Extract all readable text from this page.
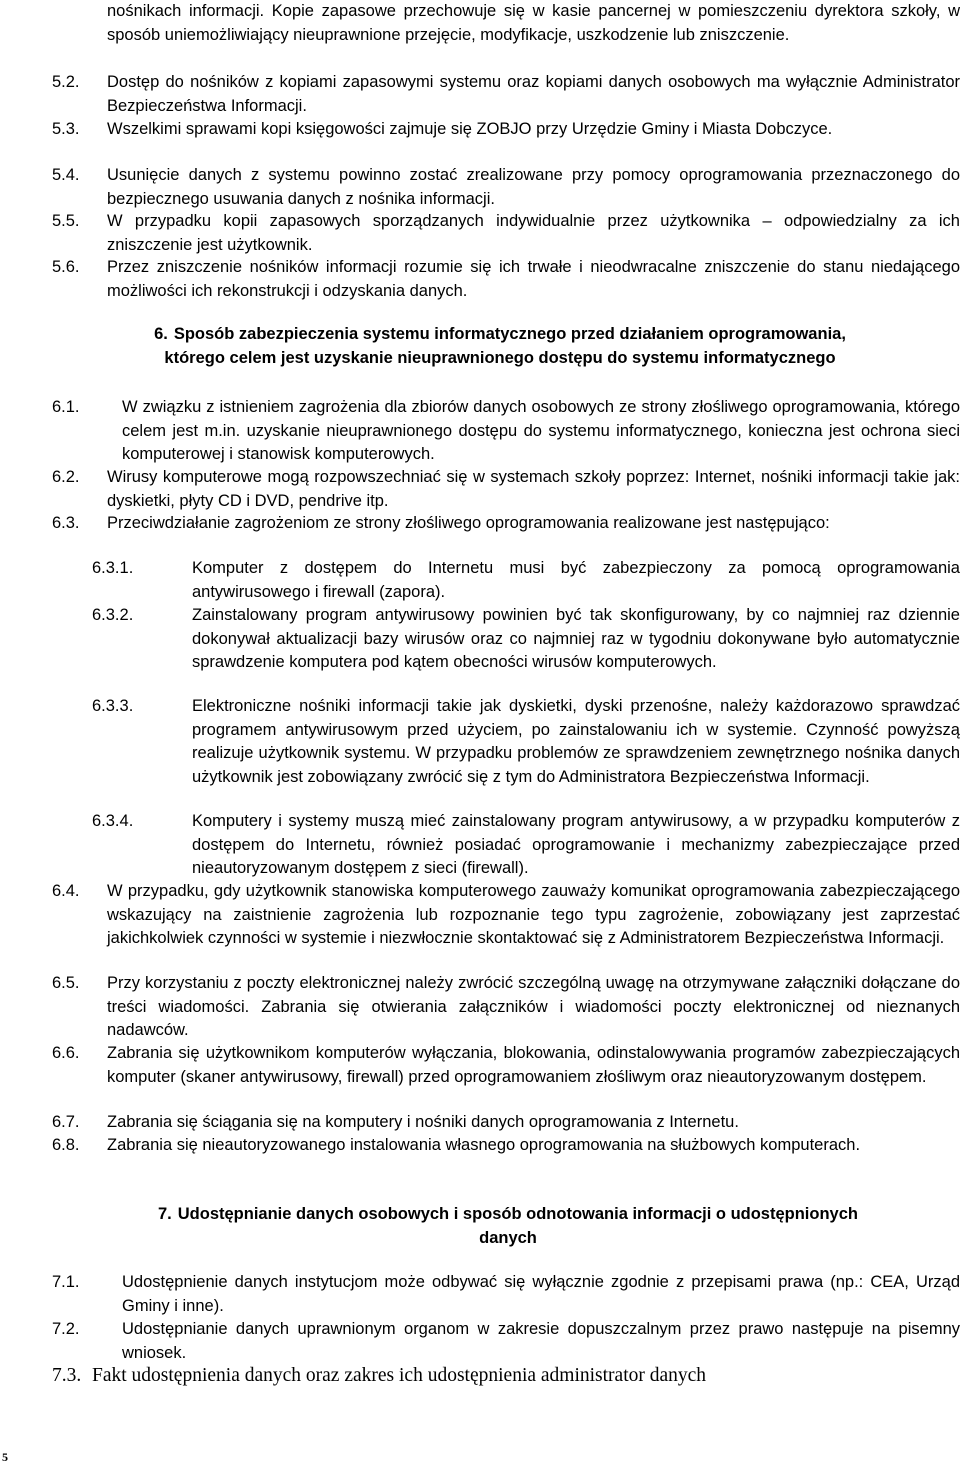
nośnikach informacji. Kopie zapasowe przechowuje się w kasie pancernej w pomieszczeniu dyrektora szkoły, w sposób uniemożliwiający nieuprawnione przejęcie, modyfikacje, uszkodzenie lub zniszczenie.
5.2. Dostęp do nośników z kopiami zapasowymi systemu oraz kopiami danych osobowych ma wyłącznie Administrator Bezpieczeństwa Informacji.
5.3. Wszelkimi sprawami kopi księgowości zajmuje się ZOBJO przy Urzędzie Gminy i Miasta Dobczyce.
5.4. Usunięcie danych z systemu powinno zostać zrealizowane przy pomocy oprogramowania przeznaczonego do bezpiecznego usuwania danych z nośnika informacji.
5.5. W przypadku kopii zapasowych sporządzanych indywidualnie przez użytkownika – odpowiedzialny za ich zniszczenie jest użytkownik.
5.6. Przez zniszczenie nośników informacji rozumie się ich trwałe i nieodwracalne zniszczenie do stanu niedającego możliwości ich rekonstrukcji i odzyskania danych.
6. Sposób zabezpieczenia systemu informatycznego przed działaniem oprogramowania,
którego celem jest uzyskanie nieuprawnionego dostępu do systemu informatycznego
6.1.	W związku z istnieniem zagrożenia dla zbiorów danych osobowych ze strony złośliwego oprogramowania, którego celem jest m.in. uzyskanie nieuprawnionego dostępu do systemu informatycznego, konieczna jest ochrona sieci komputerowej i stanowisk komputerowych.
6.2. Wirusy komputerowe mogą rozpowszechniać się w systemach szkoły poprzez: Internet, nośniki informacji takie jak: dyskietki, płyty CD i DVD, pendrive itp.
6.3. Przeciwdziałanie zagrożeniom ze strony złośliwego oprogramowania realizowane jest następująco:
6.3.1.	Komputer z dostępem do Internetu musi być zabezpieczony za pomocą oprogramowania antywirusowego i firewall (zapora).
6.3.2.	Zainstalowany program antywirusowy powinien być tak skonfigurowany, by co najmniej raz dziennie dokonywał aktualizacji bazy wirusów oraz co najmniej raz w tygodniu dokonywane było automatycznie sprawdzenie komputera pod kątem obecności wirusów komputerowych.
6.3.3.	Elektroniczne nośniki informacji takie jak dyskietki, dyski przenośne, należy każdorazowo sprawdzać programem antywirusowym przed użyciem, po zainstalowaniu ich w systemie. Czynność powyższą realizuje użytkownik systemu. W przypadku problemów ze sprawdzeniem zewnętrznego nośnika danych użytkownik jest zobowiązany zwrócić się z tym do Administratora Bezpieczeństwa Informacji.
6.3.4.	Komputery i systemy muszą mieć zainstalowany program antywirusowy, a w przypadku komputerów z dostępem do Internetu, również posiadać oprogramowanie i mechanizmy zabezpieczające przed nieautoryzowanym dostępem z sieci (firewall).
6.4. W przypadku, gdy użytkownik stanowiska komputerowego zauważy komunikat oprogramowania zabezpieczającego wskazujący na zaistnienie zagrożenia lub rozpoznanie tego typu zagrożenie, zobowiązany jest zaprzestać jakichkolwiek czynności w systemie i niezwłocznie skontaktować się z Administratorem Bezpieczeństwa Informacji.
6.5. Przy korzystaniu z poczty elektronicznej należy zwrócić szczególną uwagę na otrzymywane załączniki dołączane do treści wiadomości. Zabrania się otwierania załączników i wiadomości poczty elektronicznej od nieznanych nadawców.
6.6. Zabrania się użytkownikom komputerów wyłączania, blokowania, odinstalowywania programów zabezpieczających komputer (skaner antywirusowy, firewall) przed oprogramowaniem złośliwym oraz nieautoryzowanym dostępem.
6.7. Zabrania się ściągania się na komputery i nośniki danych oprogramowania z Internetu.
6.8. Zabrania się nieautoryzowanego instalowania własnego oprogramowania na służbowych komputerach.
7. Udostępnianie danych osobowych i sposób odnotowania informacji o udostępnionych
danych
7.1.	Udostępnienie danych instytucjom może odbywać się wyłącznie zgodnie z przepisami prawa (np.: CEA, Urząd Gminy i inne).
7.2.	Udostępnianie danych uprawnionym organom w zakresie dopuszczalnym przez prawo następuje na pisemny wniosek.
7.3. Fakt udostępnienia danych oraz zakres ich udostępnienia administrator danych
5
